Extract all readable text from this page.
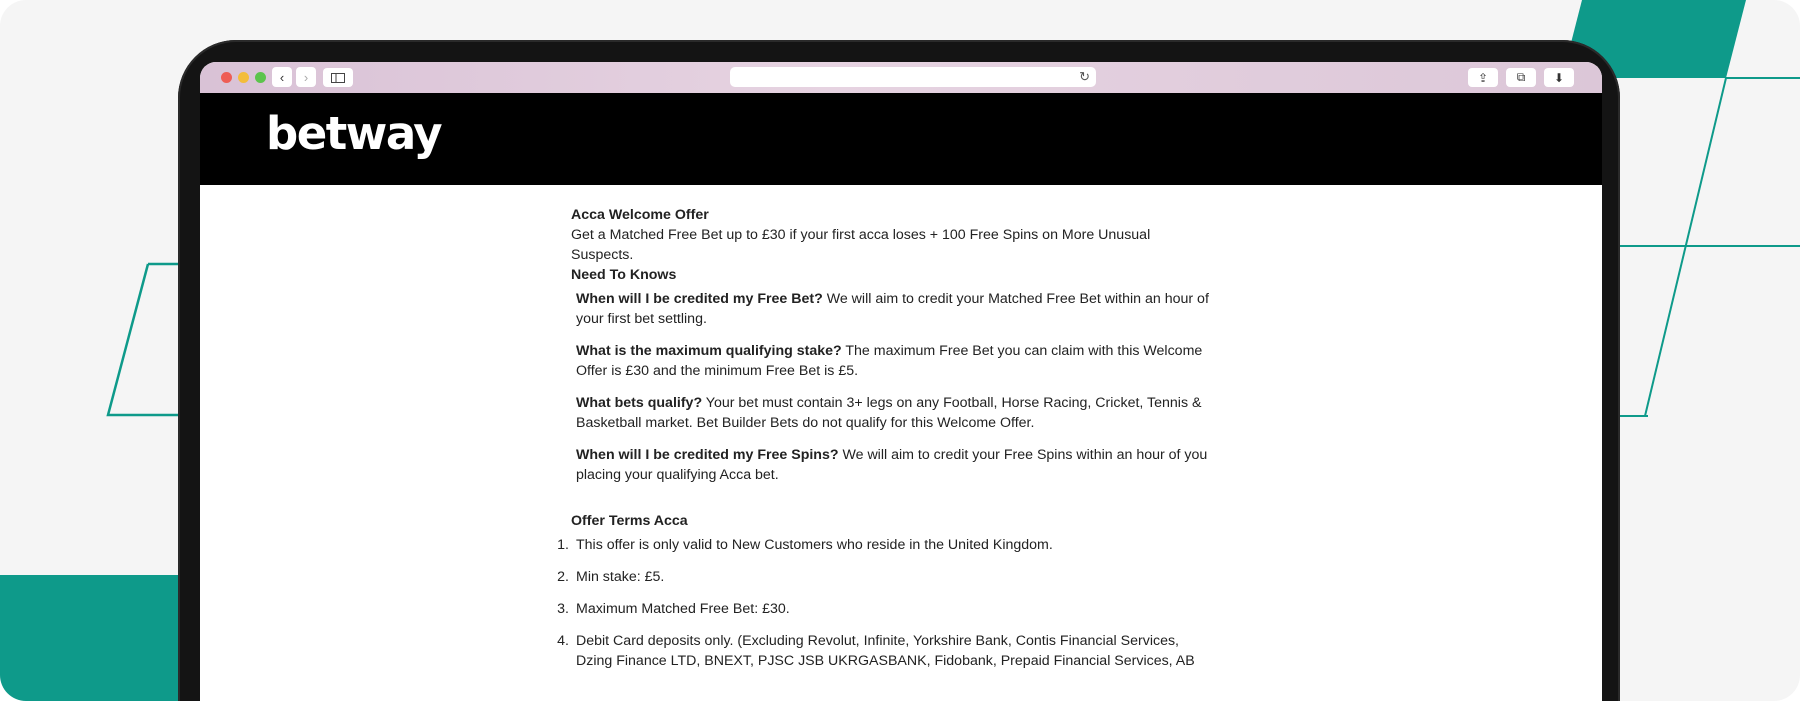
‹ ›	↻	⇪ ⧉ ⬇
betway

Acca Welcome Offer

Get a Matched Free Bet up to £30 if your first acca loses + 100 Free Spins on More Unusual Suspects.

Need To Knows

When will I be credited my Free Bet? We will aim to credit your Matched Free Bet within an hour of your first bet settling.
What is the maximum qualifying stake? The maximum Free Bet you can claim with this Welcome Offer is £30 and the minimum Free Bet is £5.
What bets qualify? Your bet must contain 3+ legs on any Football, Horse Racing, Cricket, Tennis & Basketball market. Bet Builder Bets do not qualify for this Welcome Offer.
When will I be credited my Free Spins? We will aim to credit your Free Spins within an hour of you placing your qualifying Acca bet.

Offer Terms Acca

1. This offer is only valid to New Customers who reside in the United Kingdom.
2. Min stake: £5.
3. Maximum Matched Free Bet: £30.
4. Debit Card deposits only. (Excluding Revolut, Infinite, Yorkshire Bank, Contis Financial Services, Dzing Finance LTD, BNEXT, PJSC JSB UKRGASBANK, Fidobank, Prepaid Financial Services, AB
